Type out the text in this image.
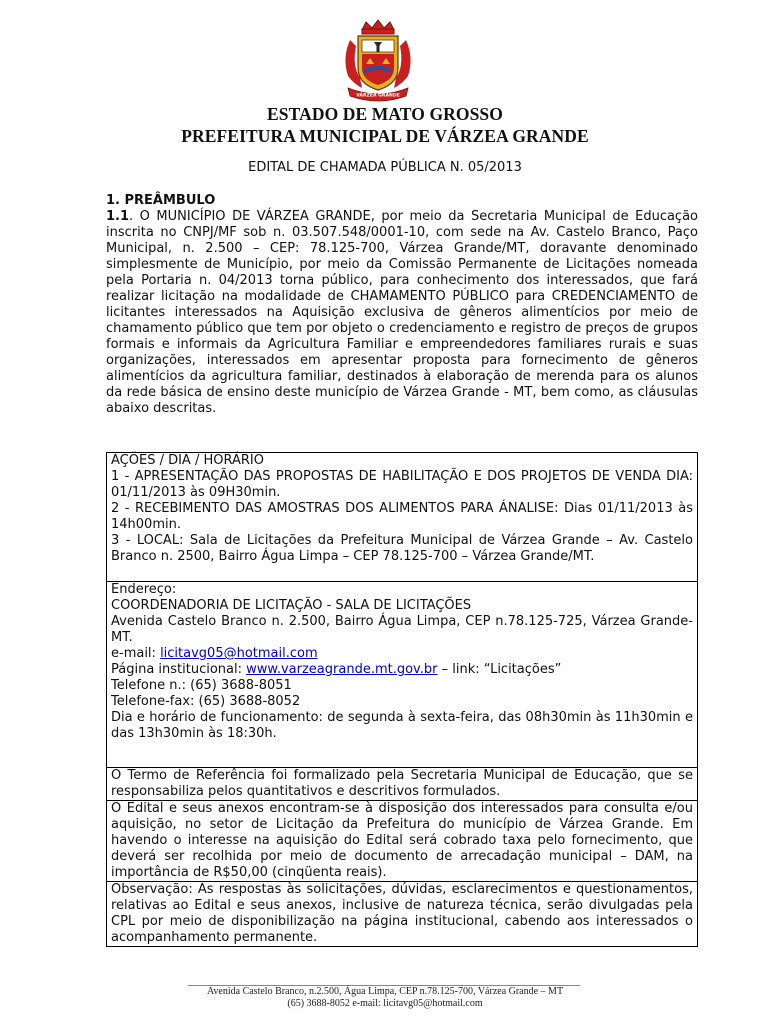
VÁRZEA GRANDE
ESTADO DE MATO GROSSO
PREFEITURA MUNICIPAL DE VÁRZEA GRANDE
EDITAL DE CHAMADA PÚBLICA N. 05/2013
1. PREÂMBULO
1.1. O MUNICÍPIO DE VÁRZEA GRANDE, por meio da Secretaria Municipal de Educação inscrita no CNPJ/MF sob n. 03.507.548/0001-10, com sede na Av. Castelo Branco, Paço Municipal, n. 2.500 – CEP: 78.125-700, Várzea Grande/MT, doravante denominado simplesmente de Município, por meio da Comissão Permanente de Licitações nomeada pela Portaria n. 04/2013 torna público, para conhecimento dos interessados, que fará realizar licitação na modalidade de CHAMAMENTO PÚBLICO para CREDENCIAMENTO de licitantes interessados na Aquisição exclusiva de gêneros alimentícios por meio de chamamento público que tem por objeto o credenciamento e registro de preços de grupos formais e informais da Agricultura Familiar e empreendedores familiares rurais e suas organizações, interessados em apresentar proposta para fornecimento de gêneros alimentícios da agricultura familiar, destinados à elaboração de merenda para os alunos da rede básica de ensino deste município de Várzea Grande - MT, bem como, as cláusulas abaixo descritas.

AÇÕES / DIA / HORÁRIO

1 - APRESENTAÇÃO DAS PROPOSTAS DE HABILITAÇÃO E DOS PROJETOS DE VENDA DIA: 01/11/2013 às 09H30min.

2 - RECEBIMENTO DAS AMOSTRAS DOS ALIMENTOS PARA ÁNALISE: Dias 01/11/2013 às 14h00min.

3 - LOCAL: Sala de Licitações da Prefeitura Municipal de Várzea Grande – Av. Castelo Branco n. 2500, Bairro Água Limpa – CEP 78.125-700 – Várzea Grande/MT.

Endereço:

COORDENADORIA DE LICITAÇÃO - SALA DE LICITAÇÕES

Avenida Castelo Branco n. 2.500, Bairro Água Limpa, CEP n.78.125-725, Várzea Grande-MT.

e-mail: licitavg05@hotmail.com

Página institucional: www.varzeagrande.mt.gov.br – link: “Licitações”

Telefone n.: (65) 3688-8051

Telefone-fax: (65) 3688-8052

Dia e horário de funcionamento: de segunda à sexta-feira, das 08h30min às 11h30min e das 13h30min às 18:30h.

O Termo de Referência foi formalizado pela Secretaria Municipal de Educação, que se responsabiliza pelos quantitativos e descritivos formulados.
O Edital e seus anexos encontram-se à disposição dos interessados para consulta e/ou aquisição, no setor de Licitação da Prefeitura do município de Várzea Grande. Em havendo o interesse na aquisição do Edital será cobrado taxa pelo fornecimento, que deverá ser recolhida por meio de documento de arrecadação municipal – DAM, na importância de R$50,00 (cinqüenta reais).
Observação: As respostas às solicitações, dúvidas, esclarecimentos e questionamentos, relativas ao Edital e seus anexos, inclusive de natureza técnica, serão divulgadas pela CPL por meio de disponibilização na página institucional, cabendo aos interessados o acompanhamento permanente.
Avenida Castelo Branco, n.2.500, Água Limpa, CEP n.78.125-700, Várzea Grande – MT
(65) 3688-8052 e-mail: licitavg05@hotmail.com
